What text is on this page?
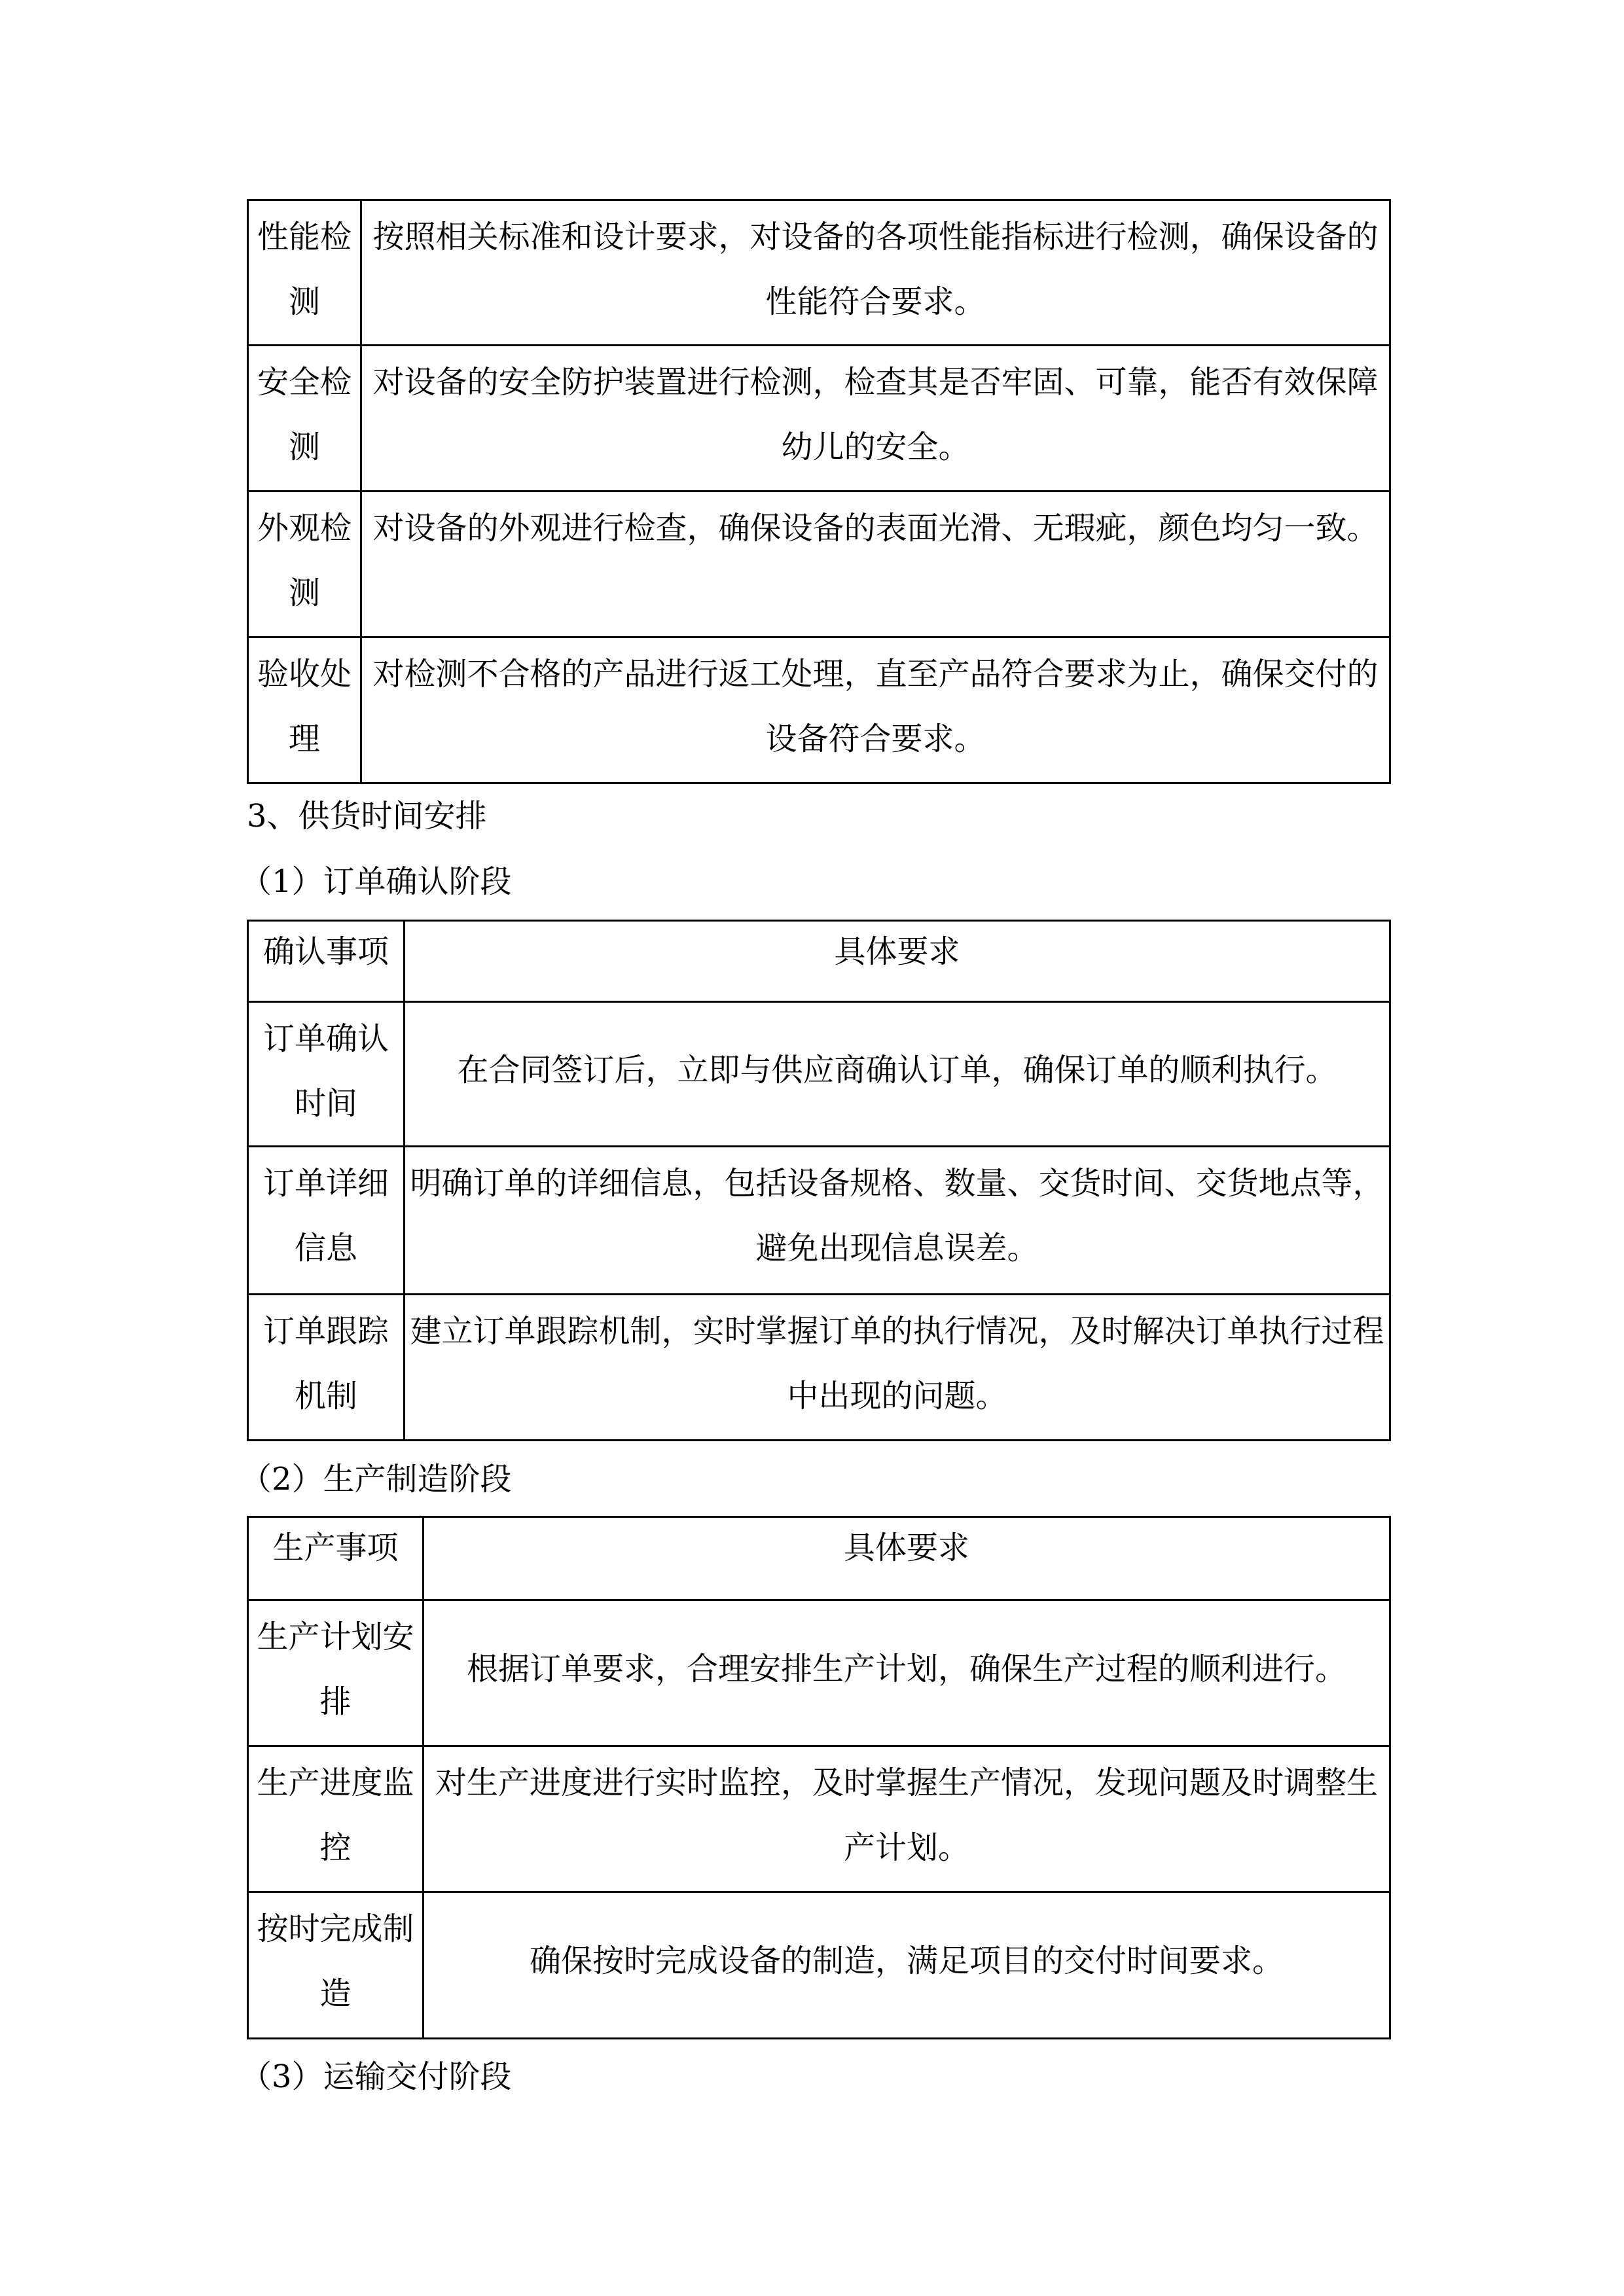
性能检测	按照相关标准和设计要求，对设备的各项性能指标进行检测，确保设备的性能符合要求。
安全检测	对设备的安全防护装置进行检测，检查其是否牢固、可靠，能否有效保障幼儿的安全。
外观检测	对设备的外观进行检查，确保设备的表面光滑、无瑕疵，颜色均匀一致。
验收处理	对检测不合格的产品进行返工处理，直至产品符合要求为止，确保交付的设备符合要求。
3、供货时间安排
（1）订单确认阶段
确认事项	具体要求
订单确认时间	在合同签订后，立即与供应商确认订单，确保订单的顺利执行。
订单详细信息	明确订单的详细信息，包括设备规格、数量、交货时间、交货地点等，避免出现信息误差。
订单跟踪机制	建立订单跟踪机制，实时掌握订单的执行情况，及时解决订单执行过程中出现的问题。
（2）生产制造阶段
生产事项	具体要求
生产计划安排	根据订单要求，合理安排生产计划，确保生产过程的顺利进行。
生产进度监控	对生产进度进行实时监控，及时掌握生产情况，发现问题及时调整生产计划。
按时完成制造	确保按时完成设备的制造，满足项目的交付时间要求。
（3）运输交付阶段
